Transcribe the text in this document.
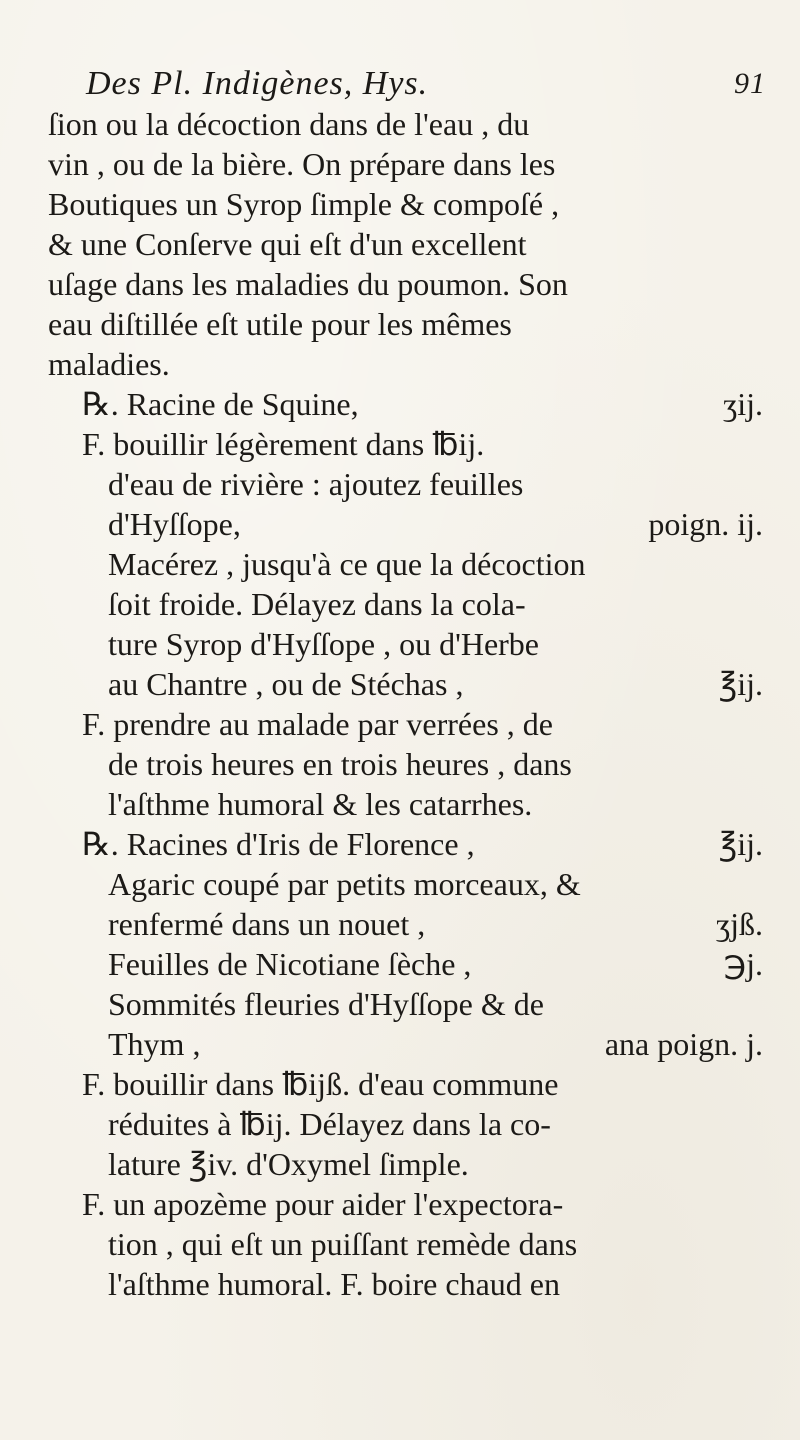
Des Pl. Indigènes, Hys.	91
ſion ou la décoction dans de l'eau , du
vin , ou de la bière. On prépare dans les
Boutiques un Syrop ſimple & compoſé ,
& une Conſerve qui eſt d'un excellent
uſage dans les maladies du poumon. Son
eau diſtillée eſt utile pour les mêmes
maladies.
℞. Racine de Squine,	ʒij.
F. bouillir légèrement dans ℔ij.
d'eau de rivière : ajoutez feuilles
d'Hyſſope,	poign. ij.
Macérez , jusqu'à ce que la décoction
ſoit froide. Délayez dans la cola-
ture Syrop d'Hyſſope , ou d'Herbe
au Chantre , ou de Stéchas ,	℥ij.
F. prendre au malade par verrées , de
de trois heures en trois heures , dans
l'aſthme humoral & les catarrhes.
℞. Racines d'Iris de Florence ,	℥ij.
Agaric coupé par petits morceaux, &
renfermé dans un nouet ,	ʒjß.
Feuilles de Nicotiane ſèche ,	℈j.
Sommités fleuries d'Hyſſope & de
Thym ,	ana poign. j.
F. bouillir dans ℔ijß. d'eau commune
réduites à ℔ij. Délayez dans la co-
lature ℥iv. d'Oxymel ſimple.
F. un apozème pour aider l'expectora-
tion , qui eſt un puiſſant remède dans
l'aſthme humoral. F. boire chaud en
